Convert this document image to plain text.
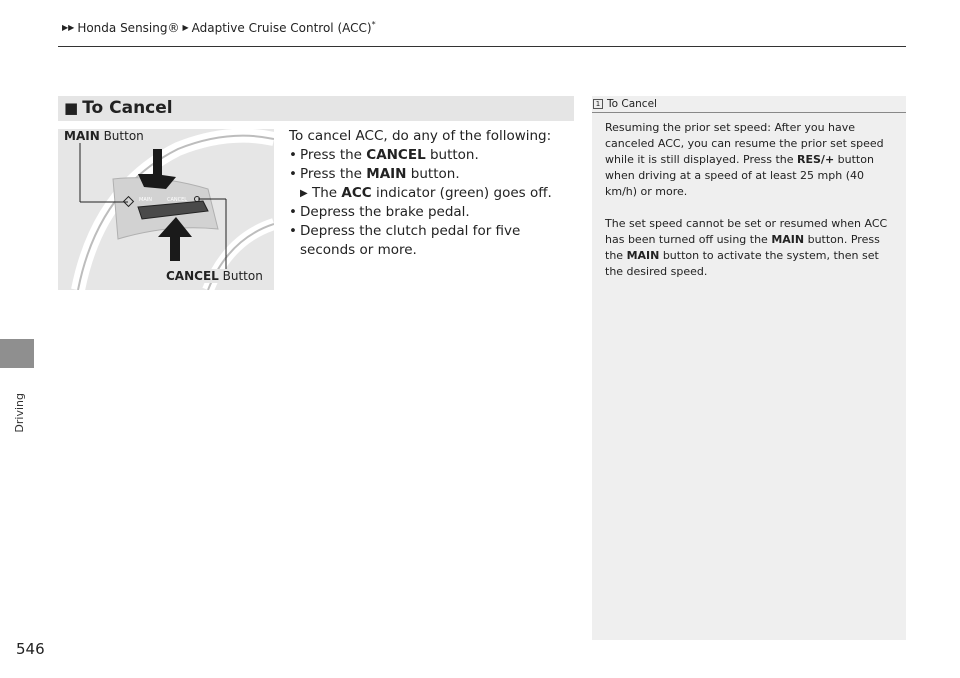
▶▶ Honda Sensing® ▶ Adaptive Cruise Control (ACC)*
Driving
546
■ To Cancel
MAIN	CANCEL
MAIN Button
CANCEL Button

To cancel ACC, do any of the following:

• Press the CANCEL button.
• Press the MAIN button.
▶ The ACC indicator (green) goes off.
• Depress the brake pedal.
• Depress the clutch pedal for five seconds or more.
1 To Cancel

Resuming the prior set speed: After you have canceled ACC, you can resume the prior set speed while it is still displayed. Press the RES/+ button when driving at a speed of at least 25 mph (40 km/h) or more.

The set speed cannot be set or resumed when ACC has been turned off using the MAIN button. Press the MAIN button to activate the system, then set the desired speed.
